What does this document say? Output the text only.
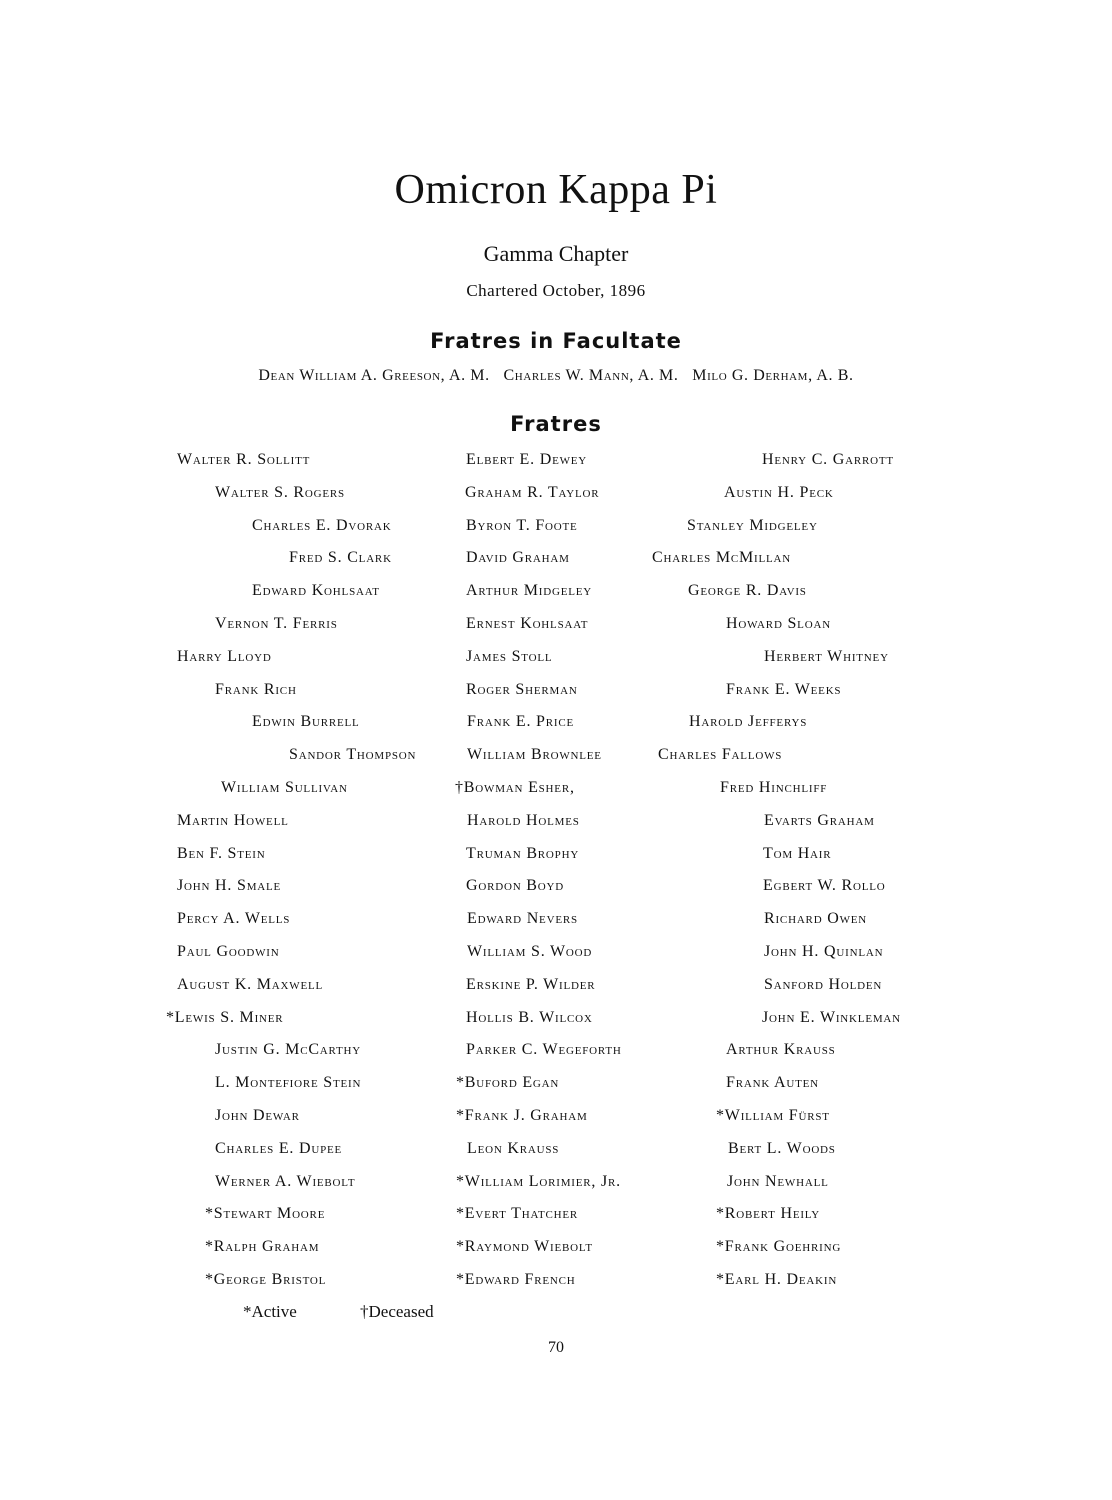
Omicron Kappa Pi
Gamma Chapter
Chartered October, 1896
Fratres in Facultate
Dean William A. Greeson, A. M.   Charles W. Mann, A. M.   Milo G. Derham, A. B.
Fratres
Walter R. Sollitt
Walter S. Rogers
Charles E. Dvorak
Fred S. Clark
Edward Kohlsaat
Vernon T. Ferris
Harry Lloyd
Frank Rich
Edwin Burrell
Sandor Thompson
William Sullivan
Martin Howell
Ben F. Stein
John H. Smale
Percy A. Wells
Paul Goodwin
August K. Maxwell
*Lewis S. Miner
Justin G. McCarthy
L. Montefiore Stein
John Dewar
Charles E. Dupee
Werner A. Wiebolt
*Stewart Moore
*Ralph Graham
*George Bristol
Elbert E. Dewey
Graham R. Taylor
Byron T. Foote
David Graham
Arthur Midgeley
Ernest Kohlsaat
James Stoll
Roger Sherman
Frank E. Price
William Brownlee
†Bowman Esher,
Harold Holmes
Truman Brophy
Gordon Boyd
Edward Nevers
William S. Wood
Erskine P. Wilder
Hollis B. Wilcox
Parker C. Wegeforth
*Buford Egan
*Frank J. Graham
Leon Krauss
*William Lorimier, Jr.
*Evert Thatcher
*Raymond Wiebolt
*Edward French
Henry C. Garrott
Austin H. Peck
Stanley Midgeley
Charles McMillan
George R. Davis
Howard Sloan
Herbert Whitney
Frank E. Weeks
Harold Jefferys
Charles Fallows
Fred Hinchliff
Evarts Graham
Tom Hair
Egbert W. Rollo
Richard Owen
John H. Quinlan
Sanford Holden
John E. Winkleman
Arthur Krauss
Frank Auten
*William Fürst
Bert L. Woods
John Newhall
*Robert Heily
*Frank Goehring
*Earl H. Deakin
*Active	†Deceased
70
